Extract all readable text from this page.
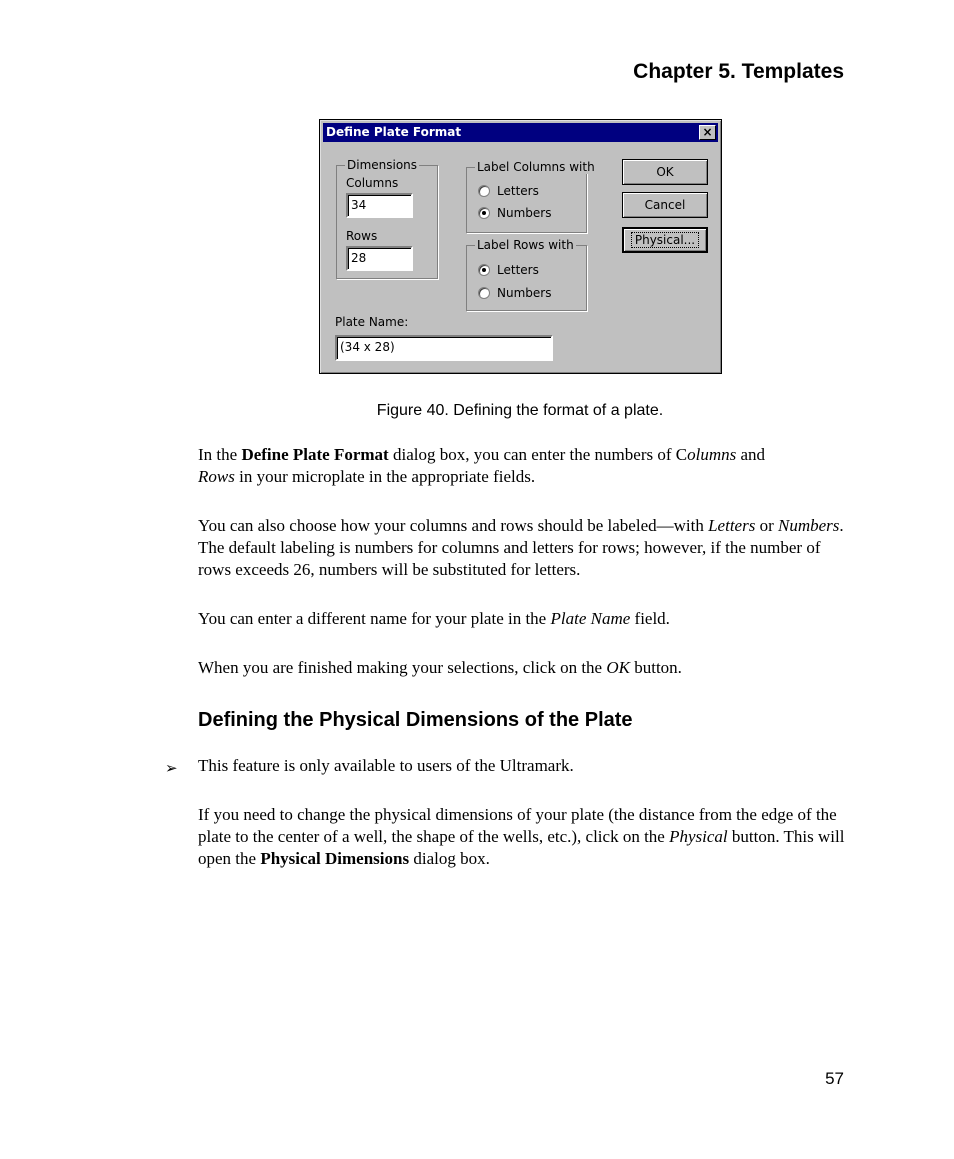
Chapter 5. Templates
Define Plate Format	×
Dimensions
Columns
34
Rows
28
Label Columns with
Letters
Numbers
Label Rows with
Letters
Numbers
OK
Cancel
Physical...
Plate Name:
(34 x 28)
Figure 40. Defining the format of a plate.

In the Define Plate Format dialog box, you can enter the numbers of Columns and
Rows in your microplate in the appropriate fields.

You can also choose how your columns and rows should be labeled—with Letters or Numbers. The default labeling is numbers for columns and letters for rows; however, if the number of rows exceeds 26, numbers will be substituted for letters.

You can enter a different name for your plate in the Plate Name field.

When you are finished making your selections, click on the OK button.

Defining the Physical Dimensions of the Plate
➢ This feature is only available to users of the Ultramark.

If you need to change the physical dimensions of your plate (the distance from the edge of the plate to the center of a well, the shape of the wells, etc.), click on the Physical button. This will open the Physical Dimensions dialog box.

57
